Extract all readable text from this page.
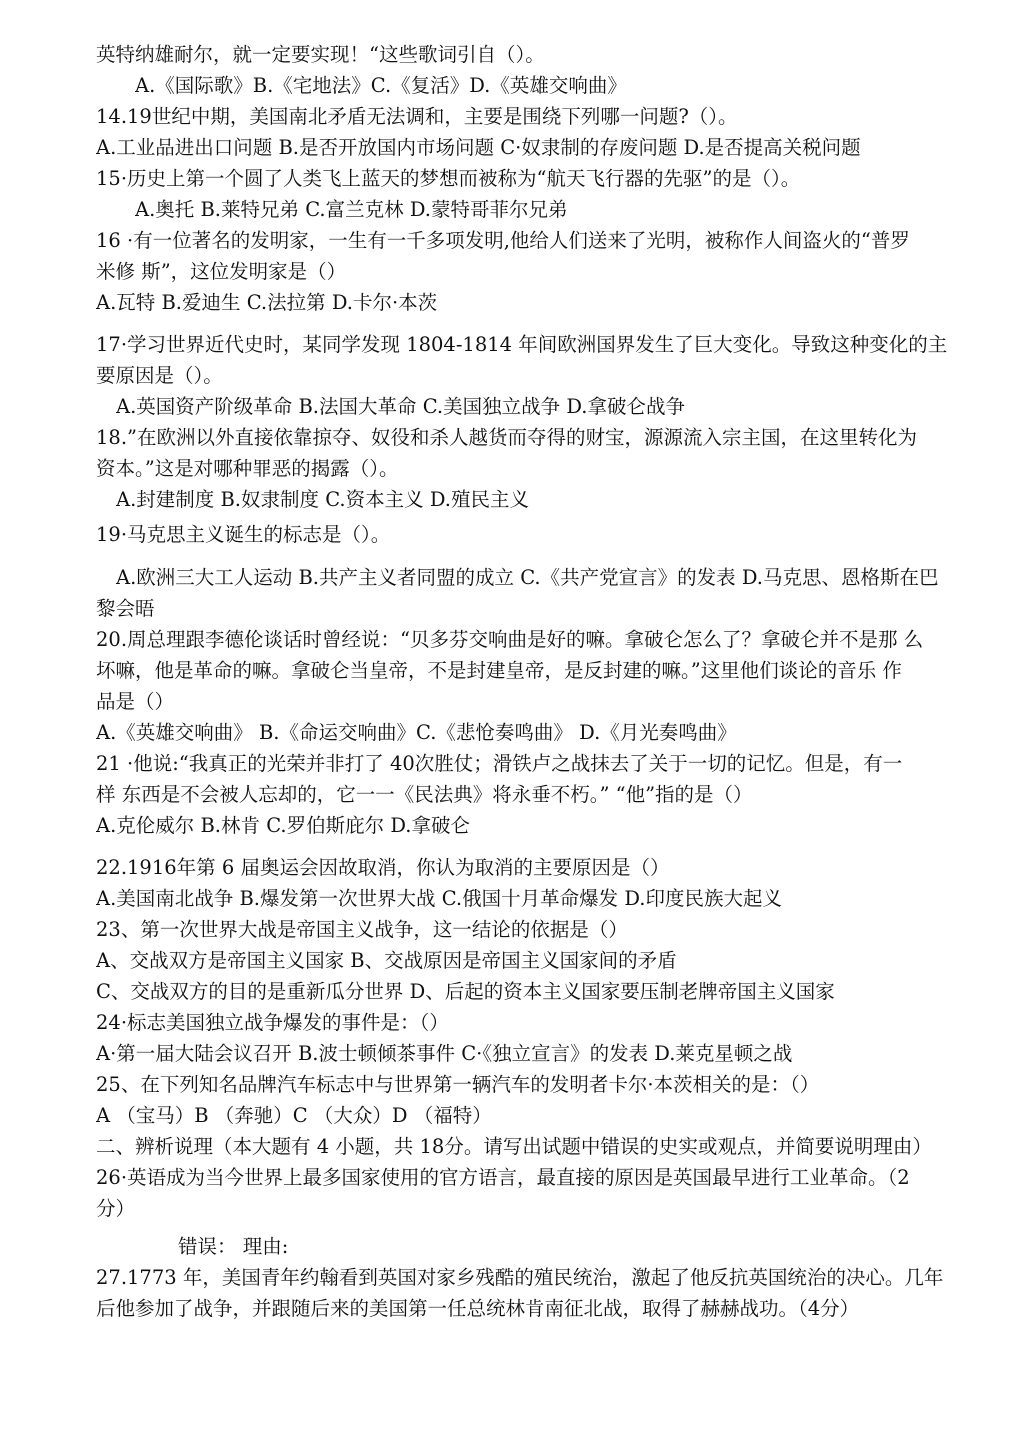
英特纳雄耐尔，就一定要实现！“这些歌词引自（）。
A.《国际歌》B.《宅地法》C.《复活》D.《英雄交响曲》
14.19世纪中期，美国南北矛盾无法调和，主要是围绕下列哪一问题?（）。
A.工业品进出口问题 B.是否开放国内市场问题 C·奴隶制的存废问题 D.是否提高关税问题
15·历史上第一个圆了人类飞上蓝天的梦想而被称为“航天飞行器的先驱”的是（）。
A.奥托 B.莱特兄弟 C.富兰克林 D.蒙特哥菲尔兄弟
16 ·有一位著名的发明家，一生有一千多项发明,他给人们送来了光明，被称作人间盗火的“普罗
米修 斯”，这位发明家是（）
A.瓦特 B.爱迪生 C.法拉第 D.卡尔·本茨
17·学习世界近代史时，某同学发现 1804-1814 年间欧洲国界发生了巨大变化。导致这种变化的主
要原因是（）。
A.英国资产阶级革命 B.法国大革命 C.美国独立战争 D.拿破仑战争
18.”在欧洲以外直接依靠掠夺、奴役和杀人越货而夺得的财宝，源源流入宗主国，在这里转化为
资本。”这是对哪种罪恶的揭露（）。
A.封建制度 B.奴隶制度 C.资本主义 D.殖民主义
19·马克思主义诞生的标志是（）。
A.欧洲三大工人运动 B.共产主义者同盟的成立 C.《共产党宣言》的发表 D.马克思、恩格斯在巴
黎会晤
20.周总理跟李德伦谈话时曾经说：“贝多芬交响曲是好的嘛。拿破仑怎么了？拿破仑并不是那 么
坏嘛，他是革命的嘛。拿破仑当皇帝，不是封建皇帝，是反封建的嘛。”这里他们谈论的音乐 作
品是（）
A.《英雄交响曲》 B.《命运交响曲》C.《悲怆奏鸣曲》 D.《月光奏鸣曲》
21 ·他说:“我真正的光荣并非打了 40次胜仗；滑铁卢之战抹去了关于一切的记忆。但是，有一
样 东西是不会被人忘却的，它一一《民法典》将永垂不朽。” “他”指的是（）
A.克伦威尔 B.林肯 C.罗伯斯庇尔 D.拿破仑
22.1916年第 6 届奥运会因故取消，你认为取消的主要原因是（）
A.美国南北战争 B.爆发第一次世界大战 C.俄国十月革命爆发 D.印度民族大起义
23、第一次世界大战是帝国主义战争，这一结论的依据是（）
A、交战双方是帝国主义国家 B、交战原因是帝国主义国家间的矛盾
C、交战双方的目的是重新瓜分世界 D、后起的资本主义国家要压制老牌帝国主义国家
24·标志美国独立战争爆发的事件是：（）
A·第一届大陆会议召开 B.波士顿倾茶事件 C·《独立宣言》的发表 D.莱克星顿之战
25、在下列知名品牌汽车标志中与世界第一辆汽车的发明者卡尔·本茨相关的是：（）
A （宝马）B （奔驰）C （大众）D （福特）
二、辨析说理（本大题有 4 小题，共 18分。请写出试题中错误的史实或观点，并简要说明理由）
26·英语成为当今世界上最多国家使用的官方语言，最直接的原因是英国最早进行工业革命。（2
分）
错误： 理由:
27.1773 年，美国青年约翰看到英国对家乡残酷的殖民统治，激起了他反抗英国统治的决心。几年
后他参加了战争，并跟随后来的美国第一任总统林肯南征北战，取得了赫赫战功。（4分）
